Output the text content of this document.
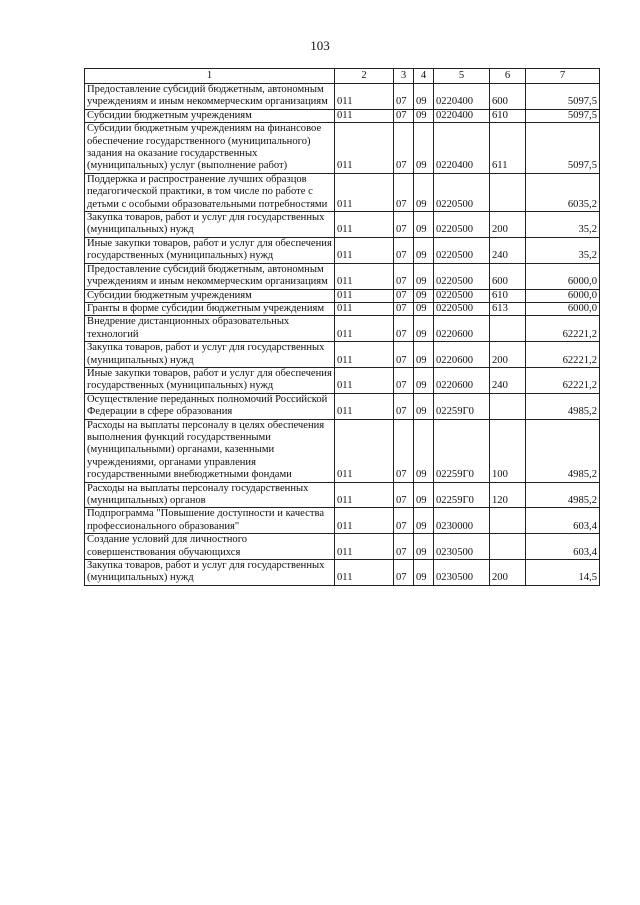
103
1	2	3	4	5	6	7
Предоставление субсидий бюджетным, автономным учреждениям и иным некоммерческим организациям	011	07	09	0220400	600	5097,5
Субсидии бюджетным учреждениям	011	07	09	0220400	610	5097,5
Субсидии бюджетным учреждениям на финансовое обеспечение государственного (муниципального) задания на оказание государственных (муниципальных) услуг (выполнение работ)	011	07	09	0220400	611	5097,5
Поддержка и распространение лучших образцов педагогической практики, в том числе по работе с детьми с особыми образовательными потребностями	011	07	09	0220500		6035,2
Закупка товаров, работ и услуг для государственных (муниципальных) нужд	011	07	09	0220500	200	35,2
Иные закупки товаров, работ и услуг для обеспечения государственных (муниципальных) нужд	011	07	09	0220500	240	35,2
Предоставление субсидий бюджетным, автономным учреждениям и иным некоммерческим организациям	011	07	09	0220500	600	6000,0
Субсидии бюджетным учреждениям	011	07	09	0220500	610	6000,0
Гранты в форме субсидии бюджетным учреждениям	011	07	09	0220500	613	6000,0
Внедрение дистанционных образовательных технологий	011	07	09	0220600		62221,2
Закупка товаров, работ и услуг для государственных (муниципальных) нужд	011	07	09	0220600	200	62221,2
Иные закупки товаров, работ и услуг для обеспечения государственных (муниципальных) нужд	011	07	09	0220600	240	62221,2
Осуществление переданных полномочий Российской Федерации в сфере образования	011	07	09	02259Г0		4985,2
Расходы на выплаты персоналу в целях обеспечения выполнения функций государственными (муниципальными) органами, казенными учреждениями, органами управления государственными внебюджетными фондами	011	07	09	02259Г0	100	4985,2
Расходы на выплаты персоналу государственных (муниципальных) органов	011	07	09	02259Г0	120	4985,2
Подпрограмма "Повышение доступности и качества профессионального образования"	011	07	09	0230000		603,4
Создание условий для личностного совершенствования обучающихся	011	07	09	0230500		603,4
Закупка товаров, работ и услуг для государственных (муниципальных) нужд	011	07	09	0230500	200	14,5
